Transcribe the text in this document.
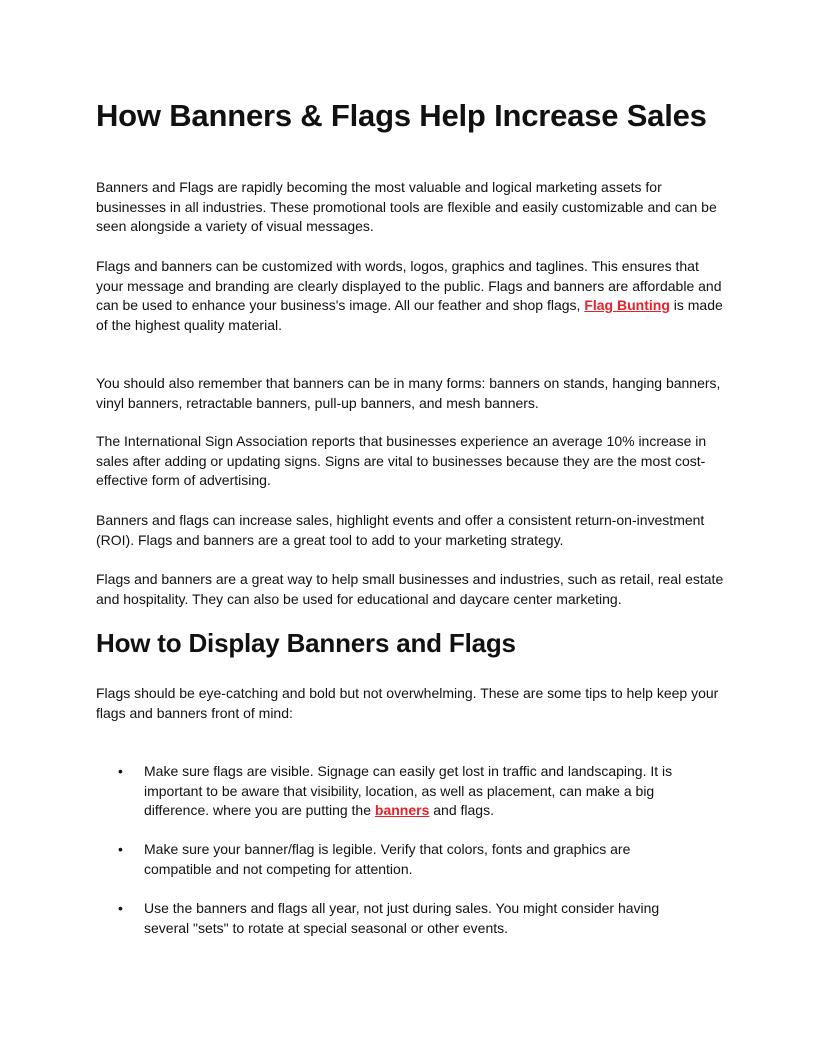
How Banners & Flags Help Increase Sales

Banners and Flags are rapidly becoming the most valuable and logical marketing assets for businesses in all industries. These promotional tools are flexible and easily customizable and can be seen alongside a variety of visual messages.

Flags and banners can be customized with words, logos, graphics and taglines. This ensures that your message and branding are clearly displayed to the public. Flags and banners are affordable and can be used to enhance your business's image. All our feather and shop flags, Flag Bunting is made of the highest quality material.

You should also remember that banners can be in many forms: banners on stands, hanging banners, vinyl banners, retractable banners, pull-up banners, and mesh banners.

The International Sign Association reports that businesses experience an average 10% increase in sales after adding or updating signs. Signs are vital to businesses because they are the most cost-effective form of advertising.

Banners and flags can increase sales, highlight events and offer a consistent return-on-investment (ROI). Flags and banners are a great tool to add to your marketing strategy.

Flags and banners are a great way to help small businesses and industries, such as retail, real estate and hospitality. They can also be used for educational and daycare center marketing.

How to Display Banners and Flags

Flags should be eye-catching and bold but not overwhelming. These are some tips to help keep your flags and banners front of mind:

• Make sure flags are visible. Signage can easily get lost in traffic and landscaping. It is important to be aware that visibility, location, as well as placement, can make a big difference. where you are putting the banners and flags.
• Make sure your banner/flag is legible. Verify that colors, fonts and graphics are compatible and not competing for attention.
• Use the banners and flags all year, not just during sales. You might consider having several "sets" to rotate at special seasonal or other events.
